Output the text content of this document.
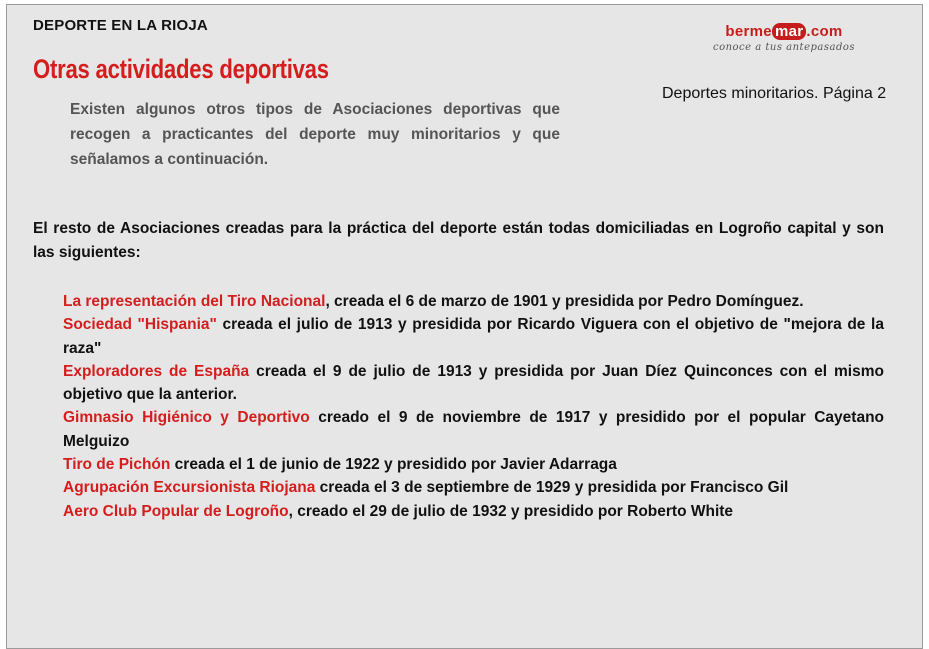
DEPORTE EN LA RIOJA
Otras actividades deportivas
Existen algunos otros tipos de Asociaciones deportivas que recogen a practicantes del deporte muy minoritarios y que señalamos a continuación.
berme mar .com
conoce a tus antepasados
Deportes minoritarios. Página 2
El resto de Asociaciones creadas para la práctica del deporte están todas domiciliadas en Logroño capital y son las siguientes:
La representación del Tiro Nacional, creada el 6 de marzo de 1901 y presidida por Pedro Domínguez.
Sociedad "Hispania" creada el julio de 1913 y presidida por Ricardo Viguera con el objetivo de "mejora de la raza"
Exploradores de España creada el 9 de julio de 1913 y presidida por Juan Díez Quinconces con el mismo objetivo que la anterior.
Gimnasio Higiénico y Deportivo creado el 9 de noviembre de 1917 y presidido por el popular Cayetano Melguizo
Tiro de Pichón creada el 1 de junio de 1922 y presidido por Javier Adarraga
Agrupación Excursionista Riojana creada el 3 de septiembre de 1929 y presidida por Francisco Gil
Aero Club Popular de Logroño, creado el 29 de julio de 1932 y presidido por Roberto White
